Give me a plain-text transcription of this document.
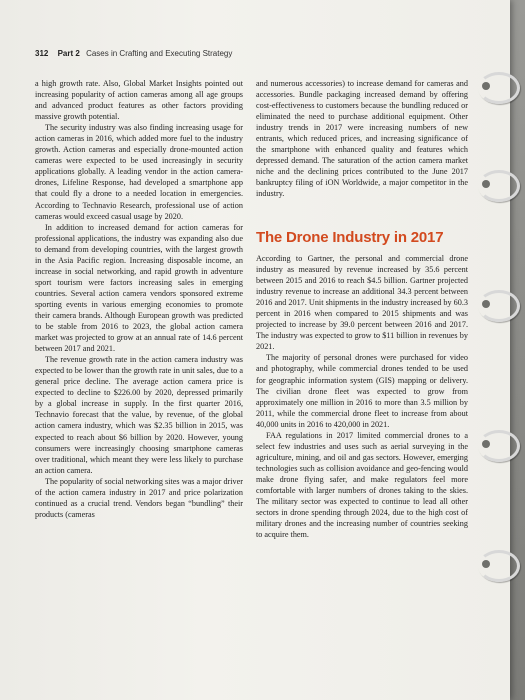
312 Part 2 Cases in Crafting and Executing Strategy

a high growth rate. Also, Global Market Insights pointed out increasing popularity of action cameras among all age groups and advanced product features as other factors providing massive growth potential.

The security industry was also finding increasing usage for action cameras in 2016, which added more fuel to the industry growth. Action cameras and especially drone-mounted action cameras were expected to be used increasingly in security applications globally. A leading vendor in the action camera-drones, Lifeline Response, had developed a smartphone app that could fly a drone to a needed location in emergencies. According to Technavio Research, professional use of action cameras would exceed casual usage by 2020.

In addition to increased demand for action cameras for professional applications, the industry was expanding also due to demand from developing countries, with the largest growth in the Asia Pacific region. Increasing disposable income, an increase in social networking, and rapid growth in adventure sport tourism were factors increasing sales in emerging countries. Several action camera vendors sponsored extreme sporting events in various emerging economies to promote their camera brands. Although European growth was predicted to be stable from 2016 to 2023, the global action camera market was projected to grow at an annual rate of 14.6 percent between 2017 and 2021.

The revenue growth rate in the action camera industry was expected to be lower than the growth rate in unit sales, due to a general price decline. The average action camera price is expected to decline to $226.00 by 2020, depressed primarily by a global increase in supply. In the first quarter 2016, Technavio forecast that the value, by revenue, of the global action camera industry, which was $2.35 billion in 2015, was expected to reach about $6 billion by 2020. However, young consumers were increasingly choosing smartphone cameras over traditional, which meant they were less likely to purchase an action camera.

The popularity of social networking sites was a major driver of the action camera industry in 2017 and price polarization continued as a crucial trend. Vendors began “bundling” their products (cameras

and numerous accessories) to increase demand for cameras and accessories. Bundle packaging increased demand by offering cost-effectiveness to customers because the bundling reduced or eliminated the need to purchase additional equipment. Other industry trends in 2017 were increasing numbers of new entrants, which reduced prices, and increasing significance of the smartphone with enhanced quality and features which depressed demand. The saturation of the action camera market niche and the declining prices contributed to the June 2017 bankruptcy filing of iON Worldwide, a major competitor in the industry.

The Drone Industry in 2017

According to Gartner, the personal and commercial drone industry as measured by revenue increased by 35.6 percent between 2015 and 2016 to reach $4.5 billion. Gartner projected industry revenue to increase an additional 34.3 percent between 2016 and 2017. Unit shipments in the industry increased by 60.3 percent in 2016 when compared to 2015 shipments and was projected to increase by 39.0 percent between 2016 and 2017. The industry was expected to grow to $11 billion in revenues by 2021.

The majority of personal drones were purchased for video and photography, while commercial drones tended to be used for geographic information system (GIS) mapping or delivery. The civilian drone fleet was expected to grow from approximately one million in 2016 to more than 3.5 million by 2011, while the commercial drone fleet to increase from about 40,000 units in 2016 to 420,000 in 2021.

FAA regulations in 2017 limited commercial drones to a select few industries and uses such as aerial surveying in the agriculture, mining, and oil and gas sectors. However, emerging technologies such as collision avoidance and geo-fencing would make drone flying safer, and make regulators feel more comfortable with larger numbers of drones taking to the skies. The military sector was expected to continue to lead all other sectors in drone spending through 2024, due to the high cost of military drones and the increasing number of countries seeking to acquire them.
